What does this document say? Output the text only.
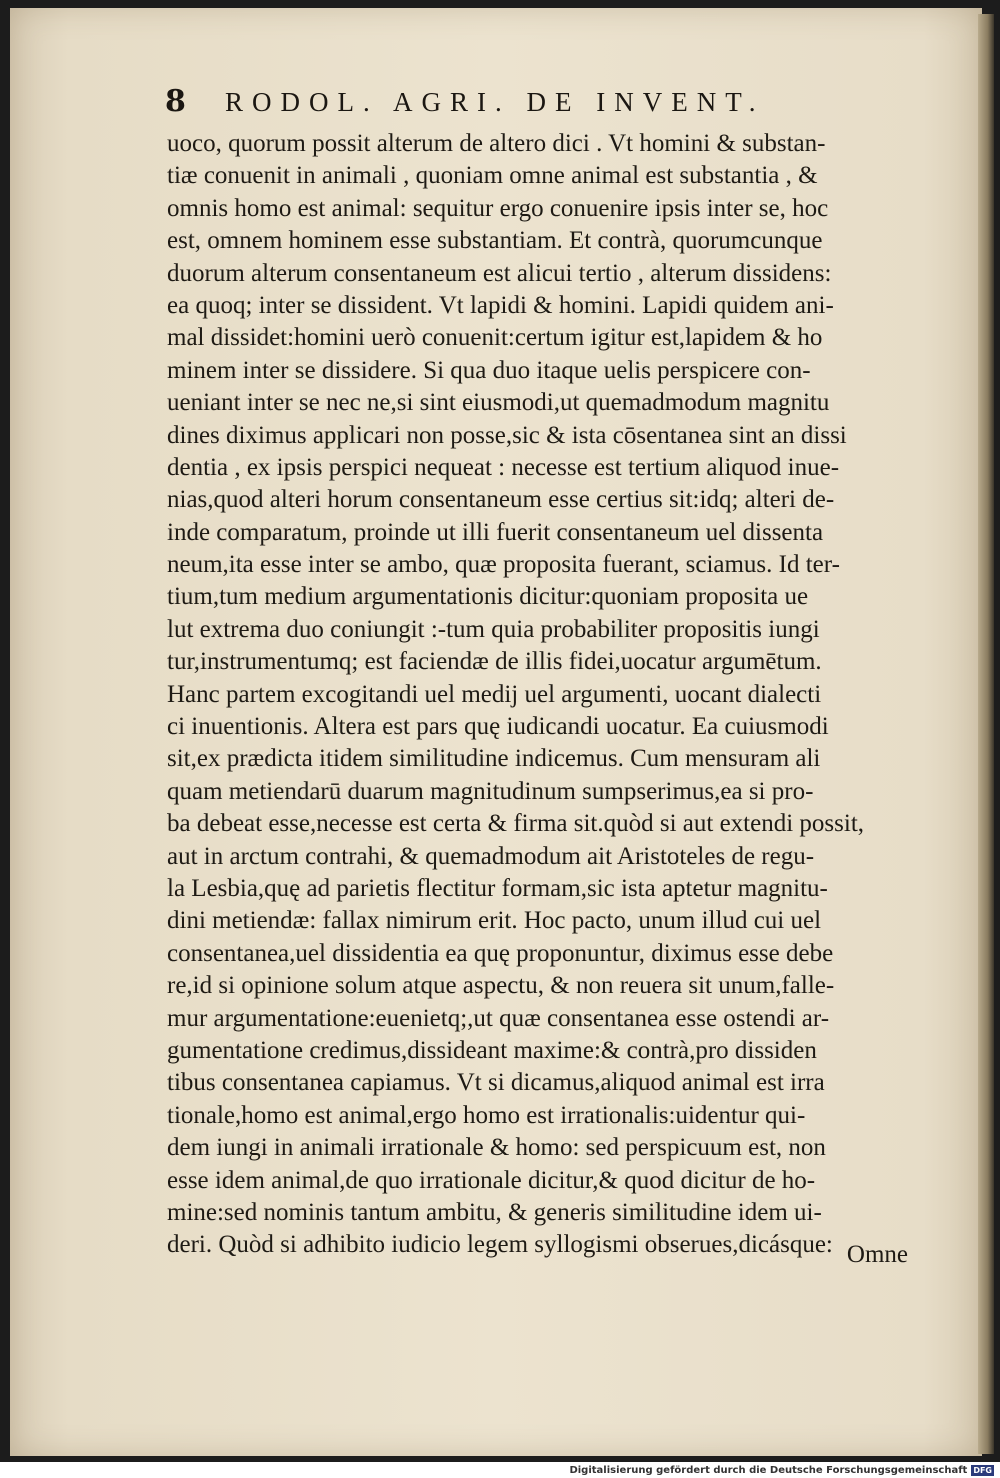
8	RODOL. AGRI. DE INVENT.
uoco, quorum possit alterum de altero dici . Vt homini & substan-
tiæ conuenit in animali , quoniam omne animal est substantia , &
omnis homo est animal: sequitur ergo conuenire ipsis inter se, hoc
est, omnem hominem esse substantiam. Et contrà, quorumcunque
duorum alterum consentaneum est alicui tertio , alterum dissidens:
ea quoq; inter se dissident. Vt lapidi & homini. Lapidi quidem ani-
mal dissidet:homini uerò conuenit:certum igitur est,lapidem & ho
minem inter se dissidere. Si qua duo itaque uelis perspicere con-
ueniant inter se nec ne,si sint eiusmodi,ut quemadmodum magnitu
dines diximus applicari non posse,sic & ista cōsentanea sint an dissi
dentia , ex ipsis perspici nequeat : necesse est tertium aliquod inue-
nias,quod alteri horum consentaneum esse certius sit:idq; alteri de-
inde comparatum, proinde ut illi fuerit consentaneum uel dissenta
neum,ita esse inter se ambo, quæ proposita fuerant, sciamus. Id ter-
tium,tum medium argumentationis dicitur:quoniam proposita ue
lut extrema duo coniungit :-tum quia probabiliter propositis iungi
tur,instrumentumq; est faciendæ de illis fidei,uocatur argumētum.
Hanc partem excogitandi uel medij uel argumenti, uocant dialecti
ci inuentionis. Altera est pars quę iudicandi uocatur. Ea cuiusmodi
sit,ex prædicta itidem similitudine indicemus. Cum mensuram ali
quam metiendarū duarum magnitudinum sumpserimus,ea si pro-
ba debeat esse,necesse est certa & firma sit.quòd si aut extendi possit,
aut in arctum contrahi, & quemadmodum ait Aristoteles de regu-
la Lesbia,quę ad parietis flectitur formam,sic ista aptetur magnitu-
dini metiendæ: fallax nimirum erit. Hoc pacto, unum illud cui uel
consentanea,uel dissidentia ea quę proponuntur, diximus esse debe
re,id si opinione solum atque aspectu, & non reuera sit unum,falle-
mur argumentatione:euenietq;,ut quæ consentanea esse ostendi ar-
gumentatione credimus,dissideant maxime:& contrà,pro dissiden
tibus consentanea capiamus. Vt si dicamus,aliquod animal est irra
tionale,homo est animal,ergo homo est irrationalis:uidentur qui-
dem iungi in animali irrationale & homo: sed perspicuum est, non
esse idem animal,de quo irrationale dicitur,& quod dicitur de ho-
mine:sed nominis tantum ambitu, & generis similitudine idem ui-
deri. Quòd si adhibito iudicio legem syllogismi obserues,dicásque: Omne
Digitalisierung gefördert durch die Deutsche Forschungsgemeinschaft DFG
